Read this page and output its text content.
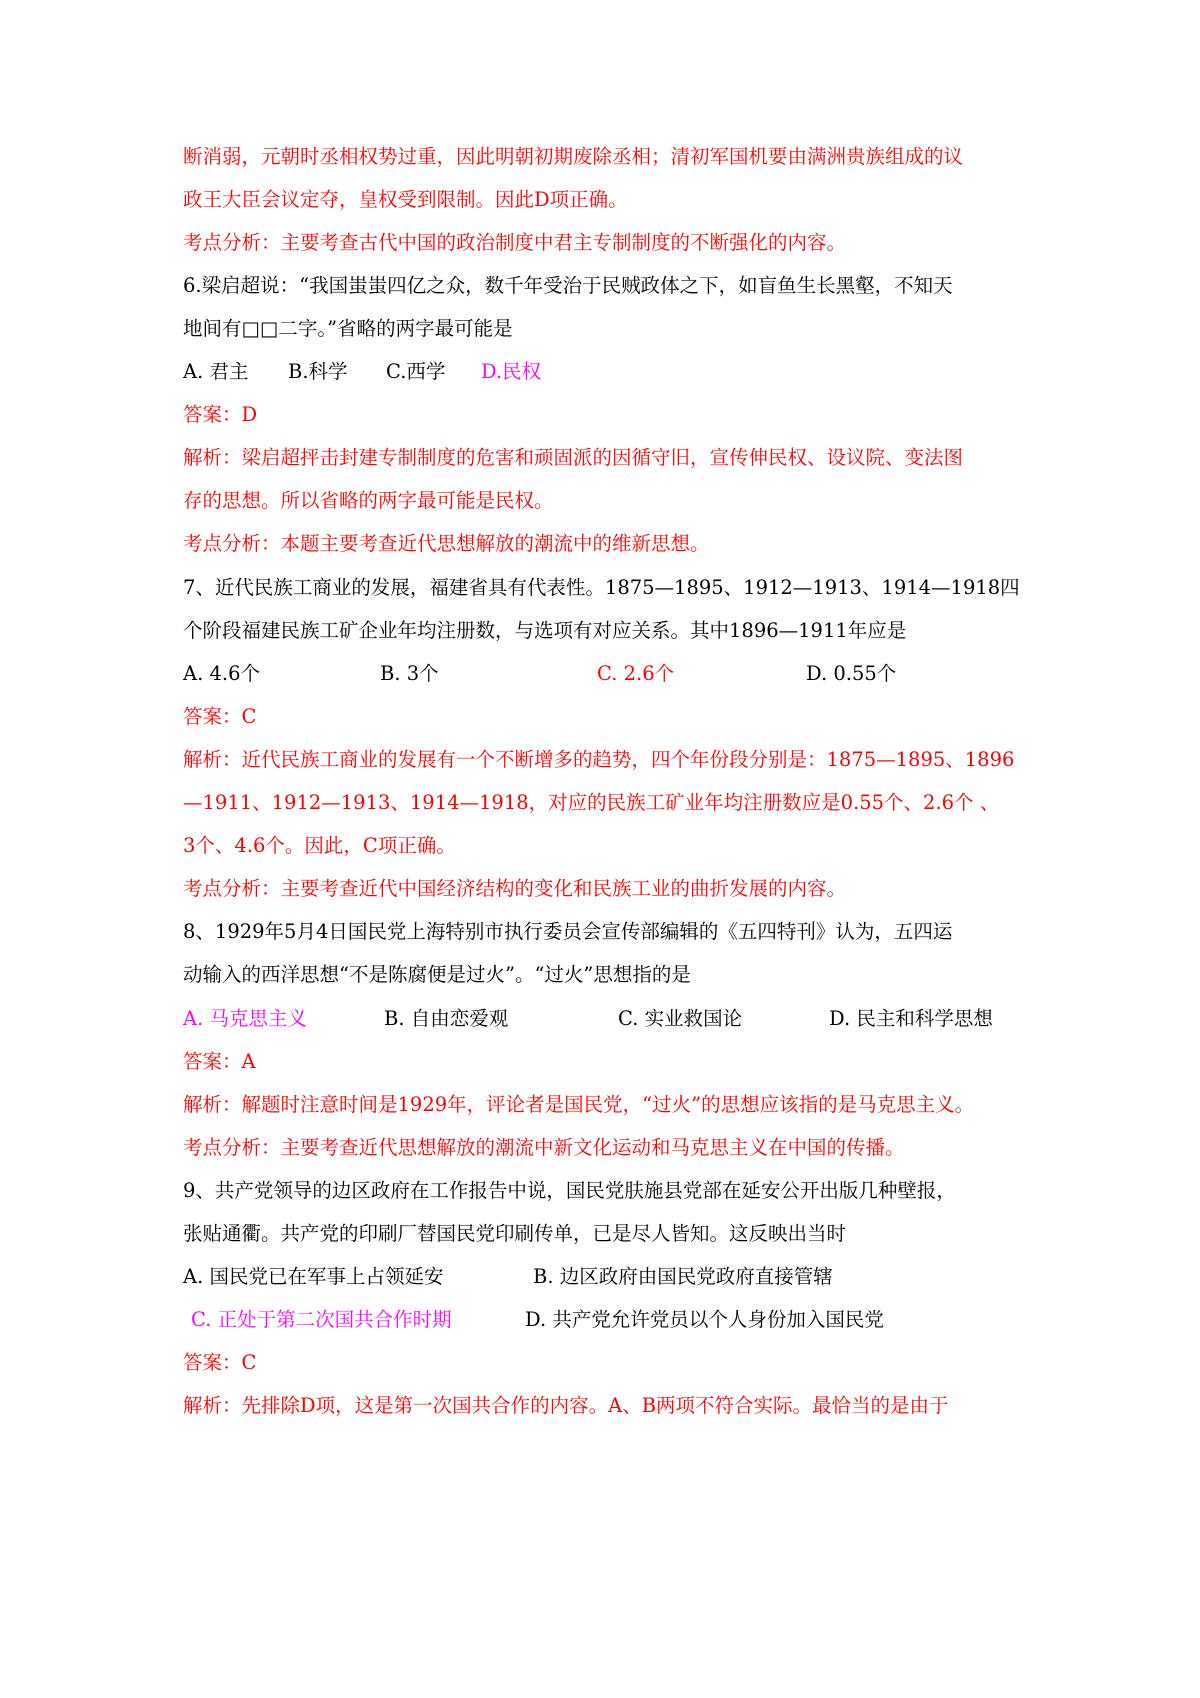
断消弱，元朝时丞相权势过重，因此明朝初期废除丞相；清初军国机要由满洲贵族组成的议
政王大臣会议定夺，皇权受到限制。因此D项正确。
考点分析：主要考查古代中国的政治制度中君主专制制度的不断强化的内容。
6.梁启超说：“我国蚩蚩四亿之众，数千年受治于民贼政体之下，如盲鱼生长黑壑，不知天
地间有□□二字。”省略的两字最可能是
A. 君主 B.科学 C.西学 D.民权
答案：D
解析：梁启超抨击封建专制制度的危害和顽固派的因循守旧，宣传伸民权、设议院、变法图
存的思想。所以省略的两字最可能是民权。
考点分析：本题主要考查近代思想解放的潮流中的维新思想。
7、近代民族工商业的发展，福建省具有代表性。1875—1895、1912—1913、1914—1918四
个阶段福建民族工矿企业年均注册数，与选项有对应关系。其中1896—1911年应是
A. 4.6个	B. 3个	C. 2.6个	D. 0.55个
答案：C
解析：近代民族工商业的发展有一个不断增多的趋势，四个年份段分别是：1875—1895、1896
—1911、1912—1913、1914—1918，对应的民族工矿业年均注册数应是0.55个、2.6个 、
3个、4.6个。因此，C项正确。
考点分析：主要考查近代中国经济结构的变化和民族工业的曲折发展的内容。
8、1929年5月4日国民党上海特别市执行委员会宣传部编辑的《五四特刊》认为，五四运
动输入的西洋思想“不是陈腐便是过火”。“过火”思想指的是
A. 马克思主义	B. 自由恋爱观	C. 实业救国论	D. 民主和科学思想
答案：A
解析：解题时注意时间是1929年，评论者是国民党，“过火”的思想应该指的是马克思主义。
考点分析：主要考查近代思想解放的潮流中新文化运动和马克思主义在中国的传播。
9、共产党领导的边区政府在工作报告中说，国民党肤施县党部在延安公开出版几种壁报，
张贴通衢。共产党的印刷厂替国民党印刷传单，已是尽人皆知。这反映出当时
A. 国民党已在军事上占领延安	B. 边区政府由国民党政府直接管辖
C. 正处于第二次国共合作时期	D. 共产党允许党员以个人身份加入国民党
答案：C
解析：先排除D项，这是第一次国共合作的内容。A、B两项不符合实际。最恰当的是由于
